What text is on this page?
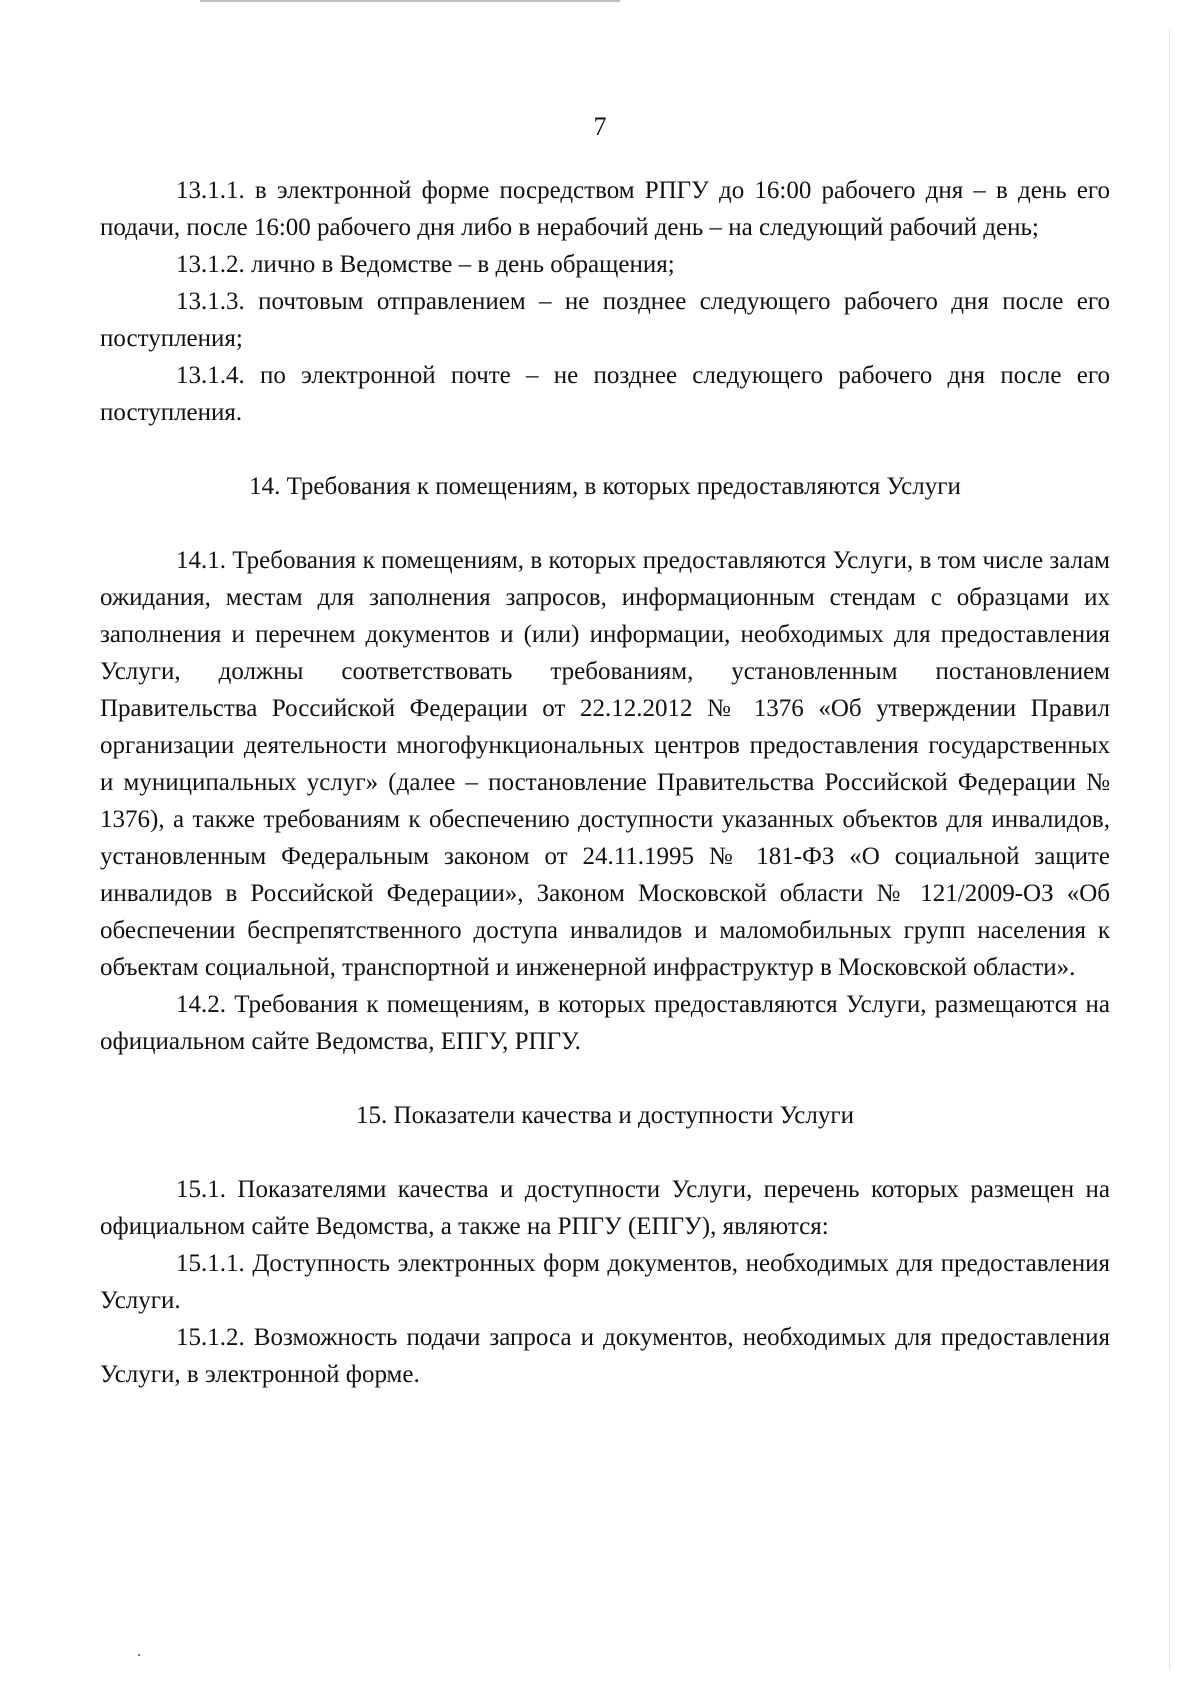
7

13.1.1. в электронной форме посредством РПГУ до 16:00 рабочего дня – в день его подачи, после 16:00 рабочего дня либо в нерабочий день – на следующий рабочий день;

13.1.2. лично в Ведомстве – в день обращения;

13.1.3. почтовым отправлением – не позднее следующего рабочего дня после его поступления;

13.1.4. по электронной почте – не позднее следующего рабочего дня после его поступления.

14. Требования к помещениям, в которых предоставляются Услуги

14.1. Требования к помещениям, в которых предоставляются Услуги, в том числе залам ожидания, местам для заполнения запросов, информационным стендам с образцами их заполнения и перечнем документов и (или) информации, необходимых для предоставления Услуги, должны соответствовать требованиям, установленным постановлением Правительства Российской Федерации от 22.12.2012 № 1376 «Об утверждении Правил организации деятельности многофункциональных центров предоставления государственных и муниципальных услуг» (далее – постановление Правительства Российской Федерации № 1376), а также требованиям к обеспечению доступности указанных объектов для инвалидов, установленным Федеральным законом от 24.11.1995 № 181-ФЗ «О социальной защите инвалидов в Российской Федерации», Законом Московской области № 121/2009-ОЗ «Об обеспечении беспрепятственного доступа инвалидов и маломобильных групп населения к объектам социальной, транспортной и инженерной инфраструктур в Московской области».

14.2. Требования к помещениям, в которых предоставляются Услуги, размещаются на официальном сайте Ведомства, ЕПГУ, РПГУ.

15. Показатели качества и доступности Услуги

15.1. Показателями качества и доступности Услуги, перечень которых размещен на официальном сайте Ведомства, а также на РПГУ (ЕПГУ), являются:

15.1.1. Доступность электронных форм документов, необходимых для предоставления Услуги.

15.1.2. Возможность подачи запроса и документов, необходимых для предоставления Услуги, в электронной форме.
